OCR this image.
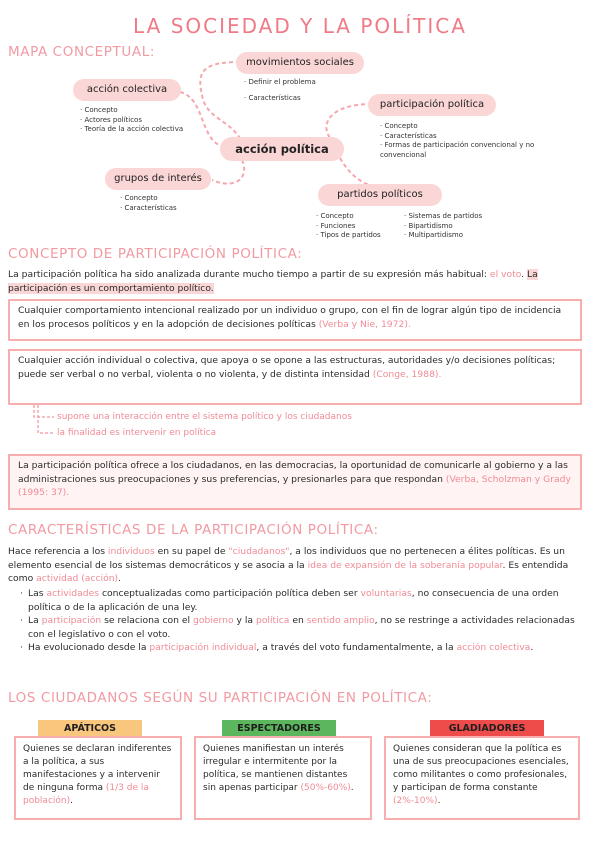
LA SOCIEDAD Y LA POLÍTICA
MAPA CONCEPTUAL:
acción colectiva
· Concepto
· Actores políticos
· Teoría de la acción colectiva
movimientos sociales
· Definir el problema
· Características
participación política
· Concepto
· Características
· Formas de participación convencional y no convencional
acción política
grupos de interés
· Concepto
· Características
partidos políticos
· Concepto
· Funciones
· Tipos de partidos
· Sistemas de partidos
· Bipartidismo
· Multipartidismo
CONCEPTO DE PARTICIPACIÓN POLÍTICA:
La participación política ha sido analizada durante mucho tiempo a partir de su expresión más habitual: el voto. La participación es un comportamiento político.
Cualquier comportamiento intencional realizado por un individuo o grupo, con el fin de lograr algún tipo de incidencia en los procesos políticos y en la adopción de decisiones políticas (Verba y Nie, 1972).
Cualquier acción individual o colectiva, que apoya o se opone a las estructuras, autoridades y/o decisiones políticas; puede ser verbal o no verbal, violenta o no violenta, y de distinta intensidad (Conge, 1988).
supone una interacción entre el sistema político y los ciudadanos
la finalidad es intervenir en política
La participación política ofrece a los ciudadanos, en las democracias, la oportunidad de comunicarle al gobierno y a las administraciones sus preocupaciones y sus preferencias, y presionarles para que respondan (Verba, Scholzman y Grady (1995: 37).
CARACTERÍSTICAS DE LA PARTICIPACIÓN POLÍTICA:
Hace referencia a los individuos en su papel de "ciudadanos", a los individuos que no pertenecen a élites políticas. Es un elemento esencial de los sistemas democráticos y se asocia a la idea de expansión de la soberanía popular. Es entendida como actividad (acción).
· Las actividades conceptualizadas como participación política deben ser voluntarias, no consecuencia de una orden política o de la aplicación de una ley.
· La participación se relaciona con el gobierno y la política en sentido amplio, no se restringe a actividades relacionadas con el legislativo o con el voto.
· Ha evolucionado desde la participación individual, a través del voto fundamentalmente, a la acción colectiva.
LOS CIUDADANOS SEGÚN SU PARTICIPACIÓN EN POLÍTICA:
APÁTICOS
Quienes se declaran indiferentes a la política, a sus manifestaciones y a intervenir de ninguna forma (1/3 de la población).
ESPECTADORES
Quienes manifiestan un interés irregular e intermitente por la política, se mantienen distantes sin apenas participar (50%-60%).
GLADIADORES
Quienes consideran que la política es una de sus preocupaciones esenciales, como militantes o como profesionales, y participan de forma constante (2%-10%).
